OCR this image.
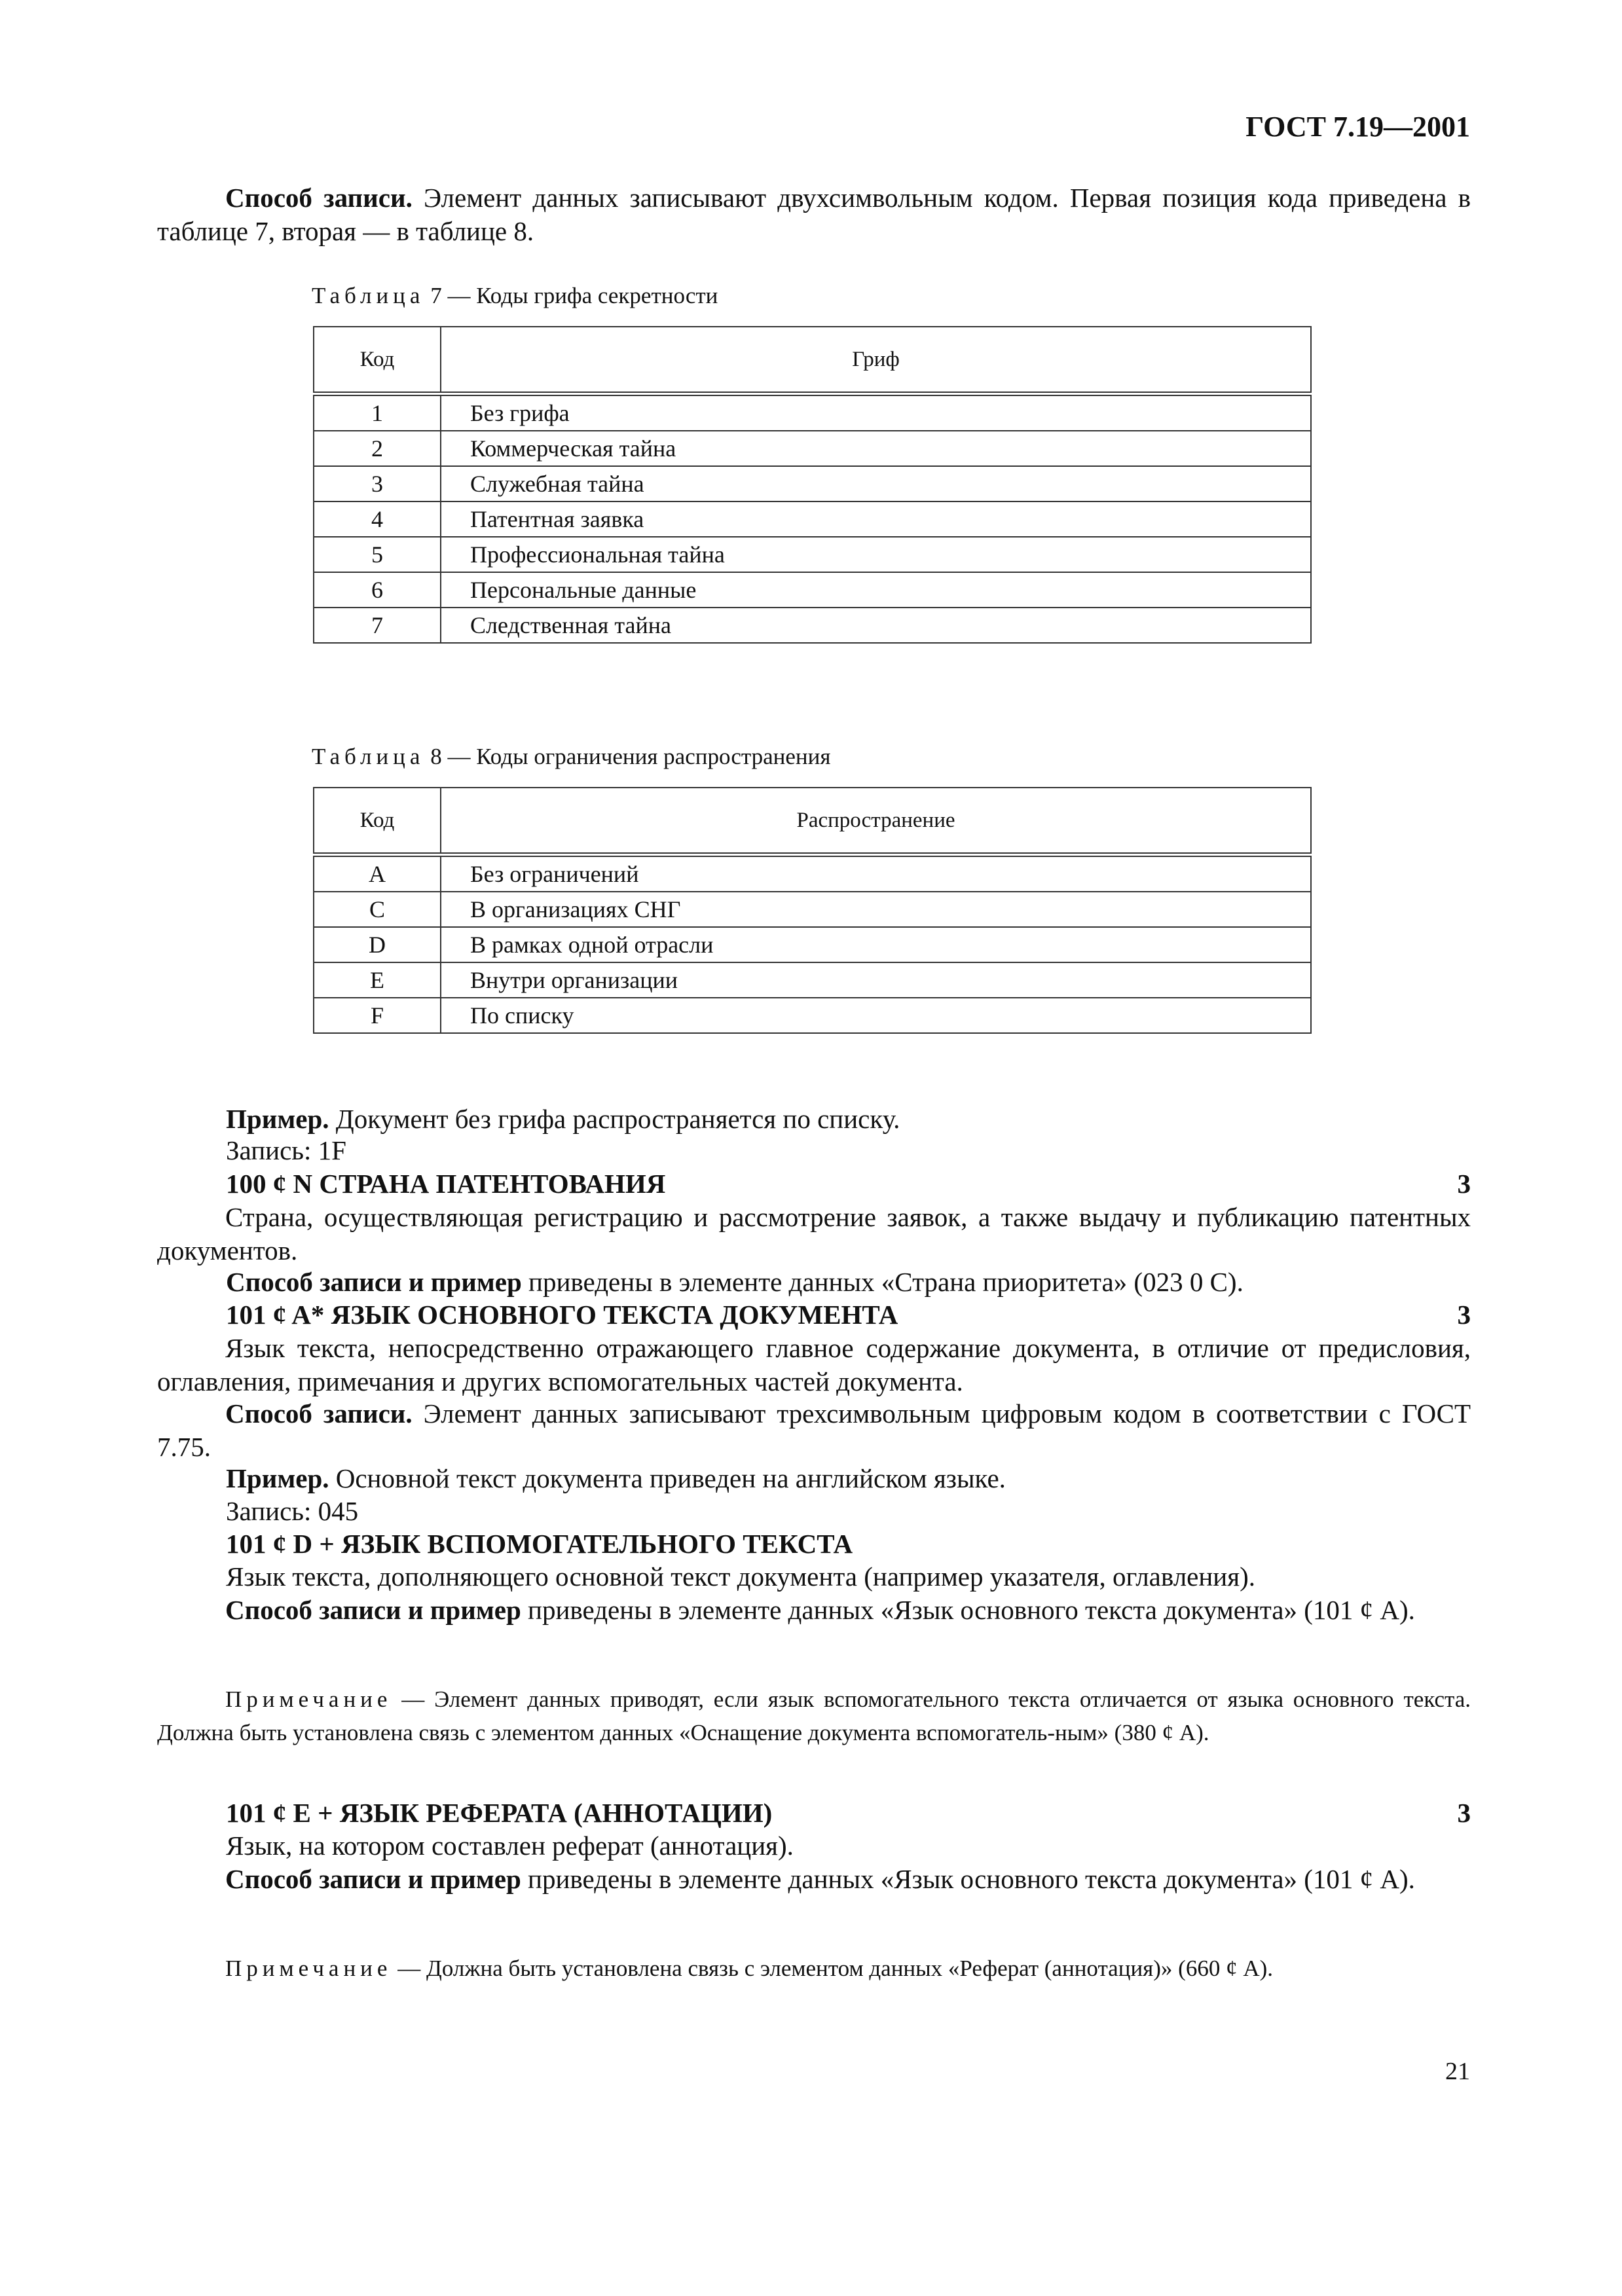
ГОСТ 7.19—2001

Способ записи. Элемент данных записывают двухсимвольным кодом. Первая позиция кода приведена в таблице 7, вторая — в таблице 8.

Таблица 7 — Коды грифа секретности
Код	Гриф
1	Без грифа
2	Коммерческая тайна
3	Служебная тайна
4	Патентная заявка
5	Профессиональная тайна
6	Персональные данные
7	Следственная тайна
Таблица 8 — Коды ограничения распространения
Код	Распространение
A	Без ограничений
C	В организациях СНГ
D	В рамках одной отрасли
E	Внутри организации
F	По списку
Пример. Документ без грифа распространяется по списку.
Запись: 1F
100 ¢ N СТРАНА ПАТЕНТОВАНИЯ	3

Страна, осуществляющая регистрацию и рассмотрение заявок, а также выдачу и публикацию патентных документов.

Способ записи и пример приведены в элементе данных «Страна приоритета» (023 0 C).
101 ¢ A* ЯЗЫК ОСНОВНОГО ТЕКСТА ДОКУМЕНТА	3

Язык текста, непосредственно отражающего главное содержание документа, в отличие от предисловия, оглавления, примечания и других вспомогательных частей документа.

Способ записи. Элемент данных записывают трехсимвольным цифровым кодом в соответствии с ГОСТ 7.75.

Пример. Основной текст документа приведен на английском языке.
Запись: 045
101 ¢ D + ЯЗЫК ВСПОМОГАТЕЛЬНОГО ТЕКСТА
Язык текста, дополняющего основной текст документа (например указателя, оглавления).

Способ записи и пример приведены в элементе данных «Язык основного текста документа» (101 ¢ A).

Примечание — Элемент данных приводят, если язык вспомогательного текста отличается от языка основного текста. Должна быть установлена связь с элементом данных «Оснащение документа вспомогатель-ным» (380 ¢ A).

101 ¢ E + ЯЗЫК РЕФЕРАТА (АННОТАЦИИ)	3
Язык, на котором составлен реферат (аннотация).

Способ записи и пример приведены в элементе данных «Язык основного текста документа» (101 ¢ A).

Примечание — Должна быть установлена связь с элементом данных «Реферат (аннотация)» (660 ¢ A).

21
